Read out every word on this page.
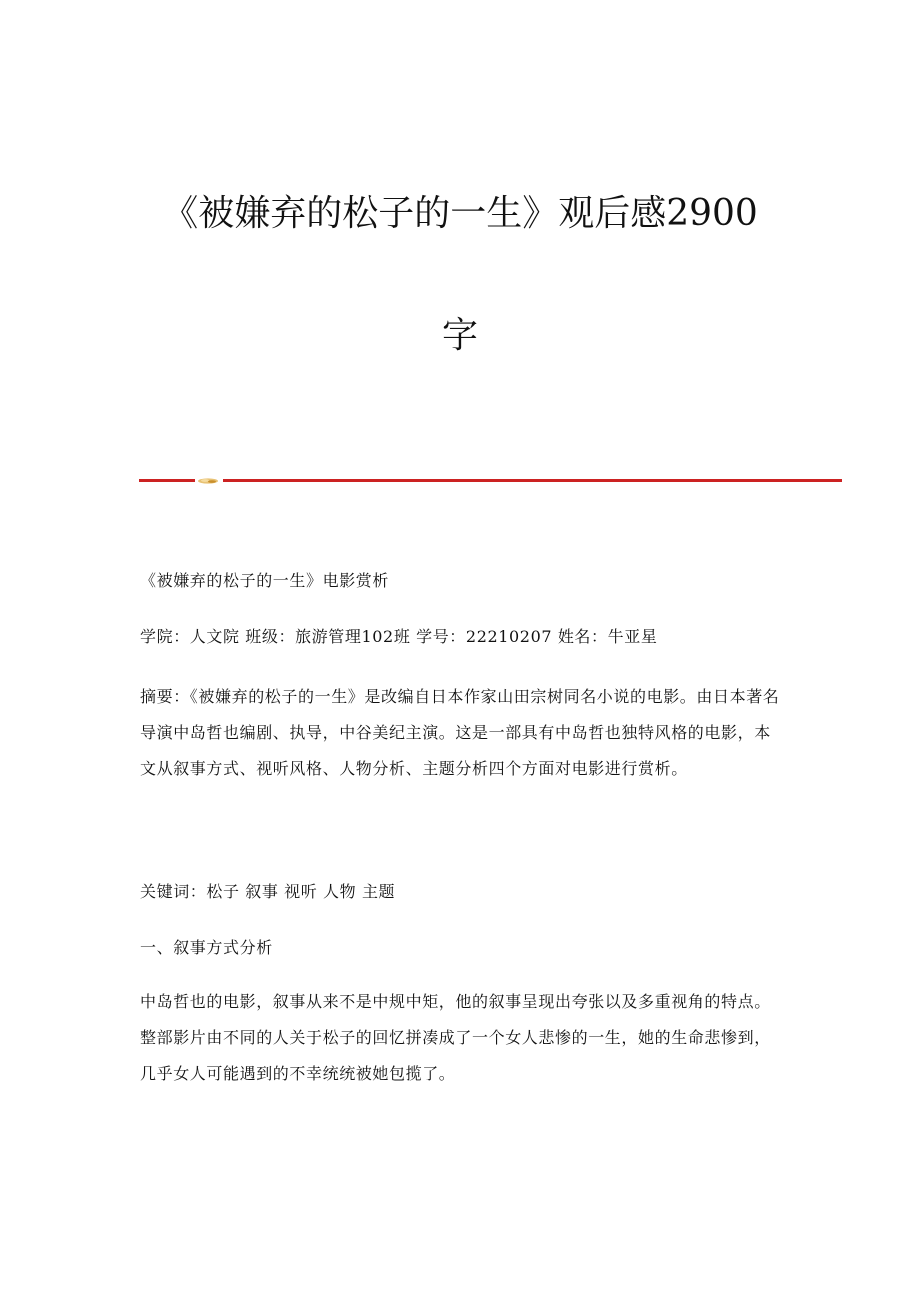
《被嫌弃的松子的一生》观后感2900
字

《被嫌弃的松子的一生》电影赏析

学院：人文院 班级：旅游管理102班 学号：22210207 姓名：牛亚星

摘要：《被嫌弃的松子的一生》是改编自日本作家山田宗树同名小说的电影。由日本著名导演中岛哲也编剧、执导，中谷美纪主演。这是一部具有中岛哲也独特风格的电影，本文从叙事方式、视听风格、人物分析、主题分析四个方面对电影进行赏析。

关键词：松子 叙事 视听 人物 主题

一、叙事方式分析

中岛哲也的电影，叙事从来不是中规中矩，他的叙事呈现出夸张以及多重视角的特点。整部影片由不同的人关于松子的回忆拼凑成了一个女人悲惨的一生，她的生命悲惨到，几乎女人可能遇到的不幸统统被她包揽了。
